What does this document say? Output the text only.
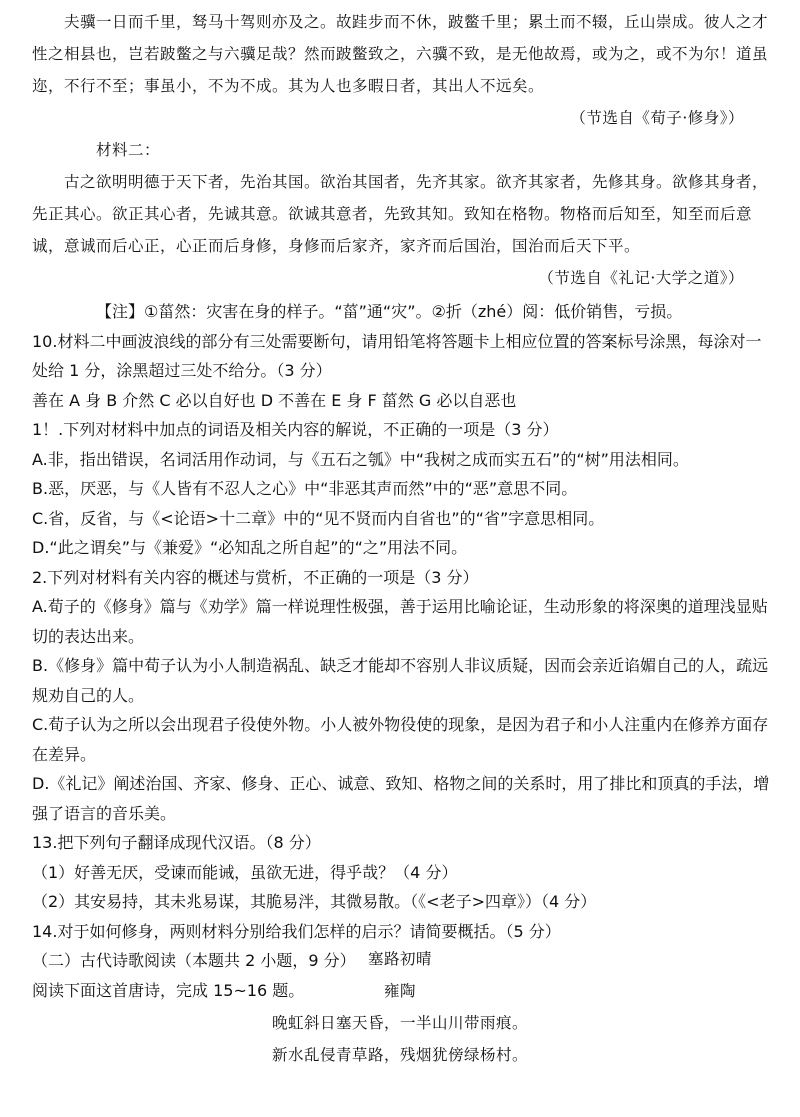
夫骥一日而千里，驽马十驾则亦及之。故跬步而不休，跛鳖千里；累土而不辍，丘山崇成。彼人之才性之相县也，岂若跛鳖之与六骥足哉？然而跛鳖致之，六骥不致，是无他故焉，或为之，或不为尔！道虽迩，不行不至；事虽小，不为不成。其为人也多暇日者，其出人不远矣。

（节选自《荀子·修身》）

材料二：

古之欲明明德于天下者，先治其国。欲治其国者，先齐其家。欲齐其家者，先修其身。欲修其身者，先正其心。欲正其心者，先诚其意。欲诚其意者，先致其知。致知在格物。物格而后知至，知至而后意诚，意诚而后心正，心正而后身修，身修而后家齐，家齐而后国治，国治而后天下平。

（节选自《礼记·大学之道》）

【注】①菑然：灾害在身的样子。“菑”通“灾”。②折（zhé）阅：低价销售，亏损。

10.材料二中画波浪线的部分有三处需要断句，请用铅笔将答题卡上相应位置的答案标号涂黑，每涂对一处给 1 分，涂黑超过三处不给分。（3 分）

善在 A 身 B 介然 C 必以自好也 D 不善在 E 身 F 菑然 G 必以自恶也

1！.下列对材料中加点的词语及相关内容的解说，不正确的一项是（3 分）

A.非，指出错误，名词活用作动词，与《五石之瓠》中“我树之成而实五石”的“树”用法相同。

B.恶，厌恶，与《人皆有不忍人之心》中“非恶其声而然”中的“恶”意思不同。

C.省，反省，与《<论语>十二章》中的“见不贤而内自省也”的“省”字意思相同。

D.“此之谓矣”与《兼爱》“必知乱之所自起”的“之”用法不同。

2.下列对材料有关内容的概述与赏析，不正确的一项是（3 分）

A.荀子的《修身》篇与《劝学》篇一样说理性极强，善于运用比喻论证，生动形象的将深奥的道理浅显贴切的表达出来。

B.《修身》篇中荀子认为小人制造祸乱、缺乏才能却不容别人非议质疑，因而会亲近谄媚自己的人，疏远规劝自己的人。

C.荀子认为之所以会出现君子役使外物。小人被外物役使的现象，是因为君子和小人注重内在修养方面存在差异。

D.《礼记》阐述治国、齐家、修身、正心、诚意、致知、格物之间的关系时，用了排比和顶真的手法，增强了语言的音乐美。

13.把下列句子翻译成现代汉语。（8 分）

（1）好善无厌，受谏而能诫，虽欲无进，得乎哉？（4 分）

（2）其安易持，其未兆易谋，其脆易泮，其微易散。（《<老子>四章》）（4 分）

14.对于如何修身，两则材料分别给我们怎样的启示？请简要概括。（5 分）

（二）古代诗歌阅读（本题共 2 小题，9 分）

阅读下面这首唐诗，完成 15~16 题。

塞路初晴

雍陶

晚虹斜日塞天昏，一半山川带雨痕。

新水乱侵青草路，残烟犹傍绿杨村。
